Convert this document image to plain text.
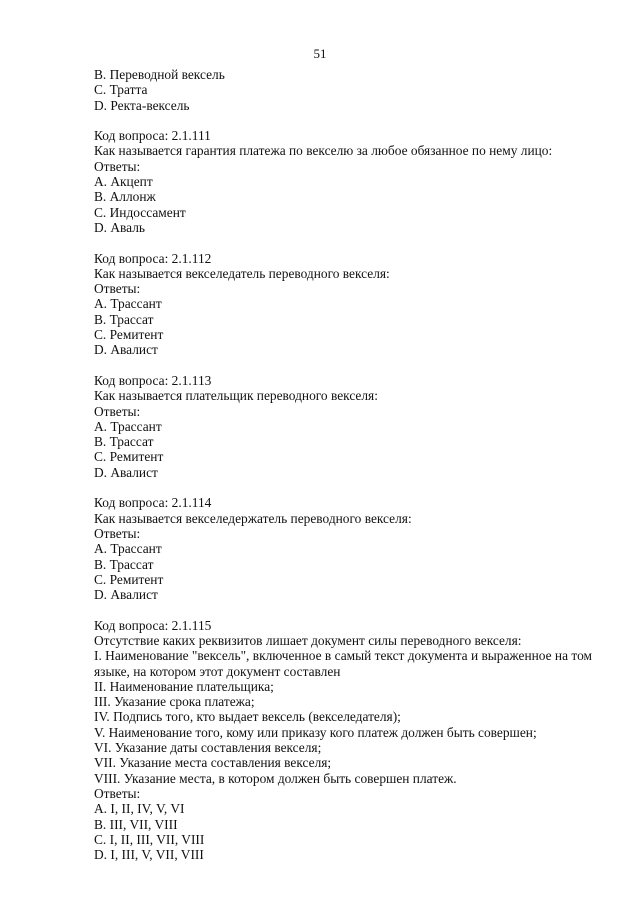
51

B. Переводной вексель

C. Тратта

D. Ректа-вексель

Код вопроса: 2.1.111

Как называется гарантия платежа по векселю за любое обязанное по нему лицо:

Ответы:

A. Акцепт

B. Аллонж

C. Индоссамент

D. Аваль

Код вопроса: 2.1.112

Как называется векселедатель переводного векселя:

Ответы:

A. Трассант

B. Трассат

C. Ремитент

D. Авалист

Код вопроса: 2.1.113

Как называется плательщик переводного векселя:

Ответы:

A. Трассант

B. Трассат

C. Ремитент

D. Авалист

Код вопроса: 2.1.114

Как называется векселедержатель переводного векселя:

Ответы:

A. Трассант

B. Трассат

C. Ремитент

D. Авалист

Код вопроса: 2.1.115

Отсутствие каких реквизитов лишает документ силы переводного векселя:

I. Наименование "вексель", включенное в самый текст документа и выраженное на том языке, на котором этот документ составлен

II. Наименование плательщика;

III. Указание срока платежа;

IV. Подпись того, кто выдает вексель (векселедателя);

V. Наименование того, кому или приказу кого платеж должен быть совершен;

VI. Указание даты составления векселя;

VII. Указание места составления векселя;

VIII. Указание места, в котором должен быть совершен платеж.

Ответы:

A. I, II, IV, V, VI

B. III, VII, VIII

C. I, II, III, VII, VIII

D. I, III, V, VII, VIII
